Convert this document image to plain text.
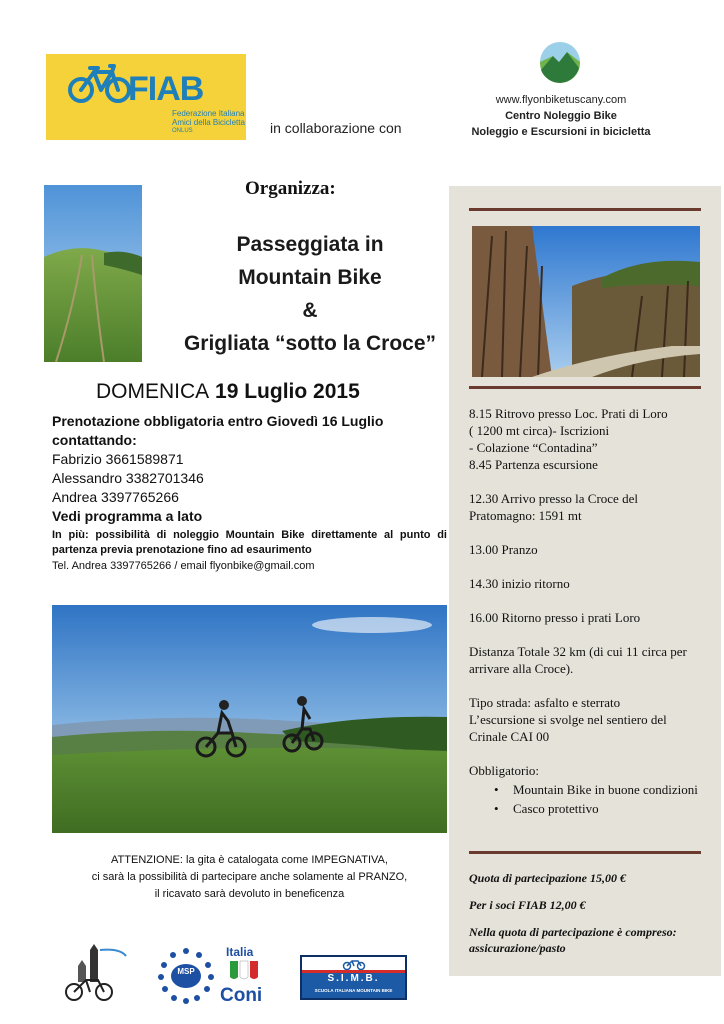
FIAB
Federazione Italiana
Amici della Bicicletta
ONLUS	in collaborazione con
www.flyonbiketuscany.com
Centro Noleggio Bike
Noleggio e Escursioni in bicicletta
Organizza:
Passeggiata in
Mountain Bike
&
Grigliata “sotto la Croce”
DOMENICA 19 Luglio 2015
Prenotazione obbligatoria entro Giovedì 16 Luglio
contattando:
Fabrizio 3661589871
Alessandro 3382701346
Andrea 3397765266
Vedi programma a lato
In più: possibilità di noleggio Mountain Bike direttamente al punto di partenza previa prenotazione fino ad esaurimento
Tel. Andrea 3397765266 / email flyonbike@gmail.com
ATTENZIONE: la gita è catalogata come IMPEGNATIVA,
ci sarà la possibilità di partecipare anche solamente al PRANZO,
il ricavato sarà devoluto in beneficenza
MSP
Italia
Coni
S.I.M.B.
SCUOLA ITALIANA MOUNTAIN BIKE

8.15 Ritrovo presso Loc. Prati di Loro

( 1200 mt circa)- Iscrizioni

- Colazione “Contadina”

8.45 Partenza escursione

12.30 Arrivo presso la Croce del Pratomagno: 1591 mt

13.00 Pranzo

14.30 inizio ritorno

16.00 Ritorno presso i prati Loro

Distanza Totale 32 km (di cui 11 circa per arrivare alla Croce).

Tipo strada: asfalto e sterrato

L’escursione si svolge nel sentiero del Crinale CAI 00

Obbligatorio:

• Mountain Bike in buone condizioni
• Casco protettivo

Quota di partecipazione 15,00 €

Per i soci FIAB 12,00 €

Nella quota di partecipazione è compreso: assicurazione/pasto
